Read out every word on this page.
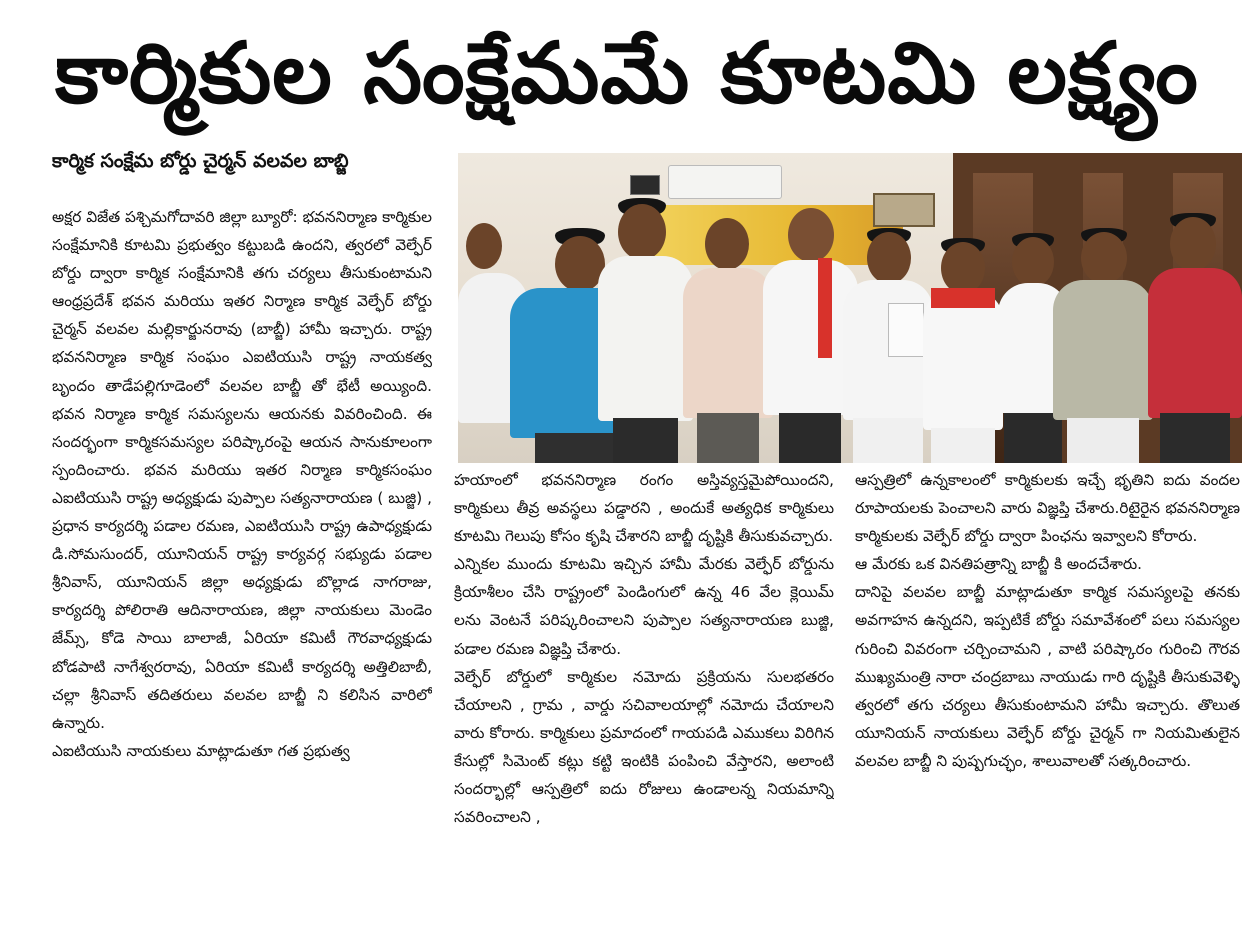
కార్మికుల సంక్షేమమే కూటమి లక్ష్యం
కార్మిక సంక్షేమ బోర్డు చైర్మన్ వలవల బాబ్జి

అక్షర విజేత పశ్చిమగోదావరి జిల్లా బ్యూరో: భవననిర్మాణ కార్మికుల సంక్షేమానికి కూటమి ప్రభుత్వం కట్టుబడి ఉందని, త్వరలో వెల్ఫేర్ బోర్డు ద్వారా కార్మిక సంక్షేమానికి తగు చర్యలు తీసుకుంటామని ఆంధ్రప్రదేశ్ భవన మరియు ఇతర నిర్మాణ కార్మిక వెల్ఫేర్ బోర్డు చైర్మన్ వలవల మల్లికార్జునరావు (బాబ్జీ) హామీ ఇచ్చారు. రాష్ట్ర భవననిర్మాణ కార్మిక సంఘం ఎఐటియుసి రాష్ట్ర నాయకత్వ బృందం తాడేపల్లిగూడెంలో వలవల బాబ్జీ తో భేటీ అయ్యింది. భవన నిర్మాణ కార్మిక సమస్యలను ఆయనకు వివరించింది. ఈ సందర్భంగా కార్మికసమస్యల పరిష్కారంపై ఆయన సానుకూలంగా స్పందించారు. భవన మరియు ఇతర నిర్మాణ కార్మికసంఘం ఎఐటియుసి రాష్ట్ర అధ్యక్షుడు పుప్పాల సత్యనారాయణ ( బుజ్జి) , ప్రధాన కార్యదర్శి పడాల రమణ, ఎఐటియుసి రాష్ట్ర ఉపాధ్యక్షుడు డి.సోమసుందర్, యూనియన్ రాష్ట్ర కార్యవర్గ సభ్యుడు పడాల శ్రీనివాస్, యూనియన్ జిల్లా అధ్యక్షుడు బొల్లాడ నాగరాజు, కార్యదర్శి పోలిరాతి ఆదినారాయణ, జిల్లా నాయకులు మెండెం జేమ్స్, కోడె సాయి బాలాజీ, ఏరియా కమిటీ గౌరవాధ్యక్షుడు బోడపాటి నాగేశ్వరరావు, ఏరియా కమిటీ కార్యదర్శి అత్తిలిబాబీ, చల్లా శ్రీనివాస్ తదితరులు వలవల బాబ్జీ ని కలిసిన వారిలో ఉన్నారు.

ఎఐటియుసి నాయకులు మాట్లాడుతూ గత ప్రభుత్వ

హయాంలో భవననిర్మాణ రంగం అస్తివ్యస్తమైపోయిందని, కార్మికులు తీవ్ర అవస్థలు పడ్డారని , అందుకే అత్యధిక కార్మికులు కూటమి గెలుపు కోసం కృషి చేశారని బాబ్జీ దృష్టికి తీసుకువచ్చారు.

ఎన్నికల ముందు కూటమి ఇచ్చిన హామీ మేరకు వెల్ఫేర్ బోర్డును క్రియాశీలం చేసి రాష్ట్రంలో పెండింగులో ఉన్న 46 వేల క్లెయిమ్ లను వెంటనే పరిష్కరించాలని పుప్పాల సత్యనారాయణ బుజ్జి, పడాల రమణ విజ్ఞప్తి చేశారు.

వెల్ఫేర్ బోర్డులో కార్మికుల నమోదు ప్రక్రియను సులభతరం చేయాలని , గ్రామ , వార్డు సచివాలయాల్లో నమోదు చేయాలని వారు కోరారు. కార్మికులు ప్రమాదంలో గాయపడి ఎముకలు విరిగిన కేసుల్లో సిమెంట్ కట్లు కట్టి ఇంటికి పంపించి వేస్తారని, అలాంటి సందర్భాల్లో ఆస్పత్రిలో ఐదు రోజులు ఉండాలన్న నియమాన్ని సవరించాలని ,

ఆస్పత్రిలో ఉన్నకాలంలో కార్మికులకు ఇచ్చే భృతిని ఐదు వందల రూపాయలకు పెంచాలని వారు విజ్ఞప్తి చేశారు.రిటైరైన భవననిర్మాణ కార్మికులకు వెల్ఫేర్ బోర్డు ద్వారా పింఛను ఇవ్వాలని కోరారు.

ఆ మేరకు ఒక వినతిపత్రాన్ని బాబ్జీ కి అందచేశారు.

దానిపై వలవల బాబ్జీ మాట్లాడుతూ కార్మిక సమస్యలపై తనకు అవగాహన ఉన్నదని, ఇప్పటికే బోర్డు సమావేశంలో పలు సమస్యల గురించి వివరంగా చర్చించామని , వాటి పరిష్కారం గురించి గౌరవ ముఖ్యమంత్రి నారా చంద్రబాబు నాయుడు గారి దృష్టికి తీసుకువెళ్ళి త్వరలో తగు చర్యలు తీసుకుంటామని హామీ ఇచ్చారు. తొలుత యూనియన్ నాయకులు వెల్ఫేర్ బోర్డు చైర్మన్ గా నియమితులైన వలవల బాబ్జీ ని పుష్పగుచ్ఛం, శాలువాలతో సత్కరించారు.
